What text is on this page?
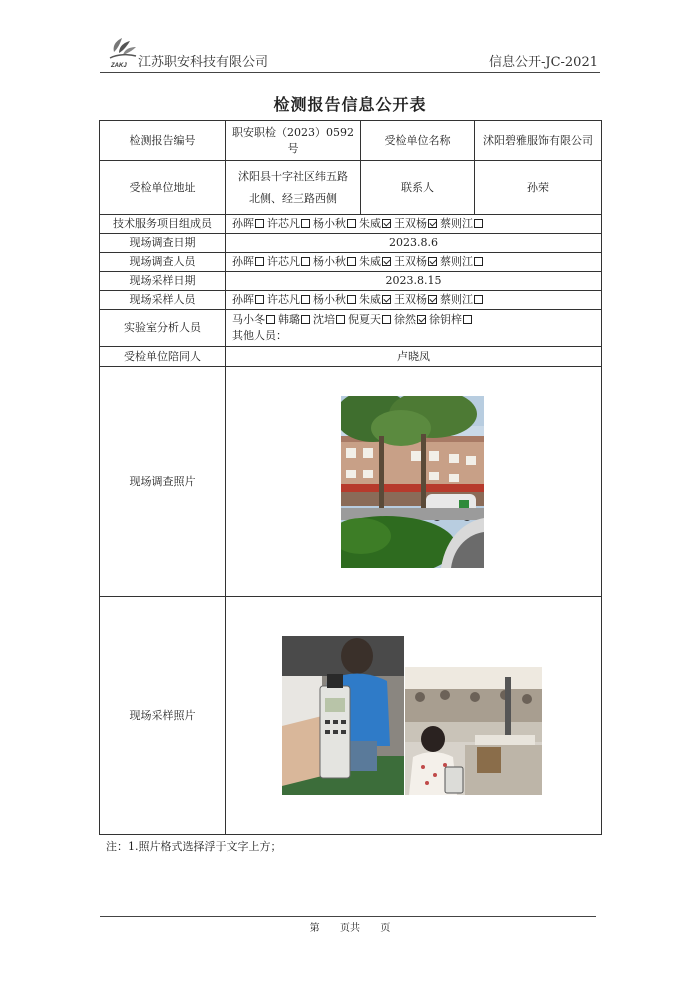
ZAKJ 江苏职安科技有限公司	信息公开-JC-2021
检测报告信息公开表
检测报告编号	职安职检（2023）0592 号	受检单位名称	沭阳碧雅服饰有限公司
受检单位地址	沭阳县十字社区纬五路北侧、经三路西侧	联系人	孙荣
技术服务项目组成员	孙晖 许芯凡 杨小秋 朱威 王双杨 蔡则江		
现场调查日期	2023.8.6		
现场调查人员	孙晖 许芯凡 杨小秋 朱威 王双杨 蔡则江		
现场采样日期	2023.8.15		
现场采样人员	孙晖 许芯凡 杨小秋 朱威 王双杨 蔡则江		
实验室分析人员	马小冬 韩璐 沈培 倪夏天 徐然 徐钥梓
其他人员：		

受检单位陪同人	卢晓凤		
现场调查照片			
现场采样照片			
注：1.照片格式选择浮于文字上方；
第 页共 页
